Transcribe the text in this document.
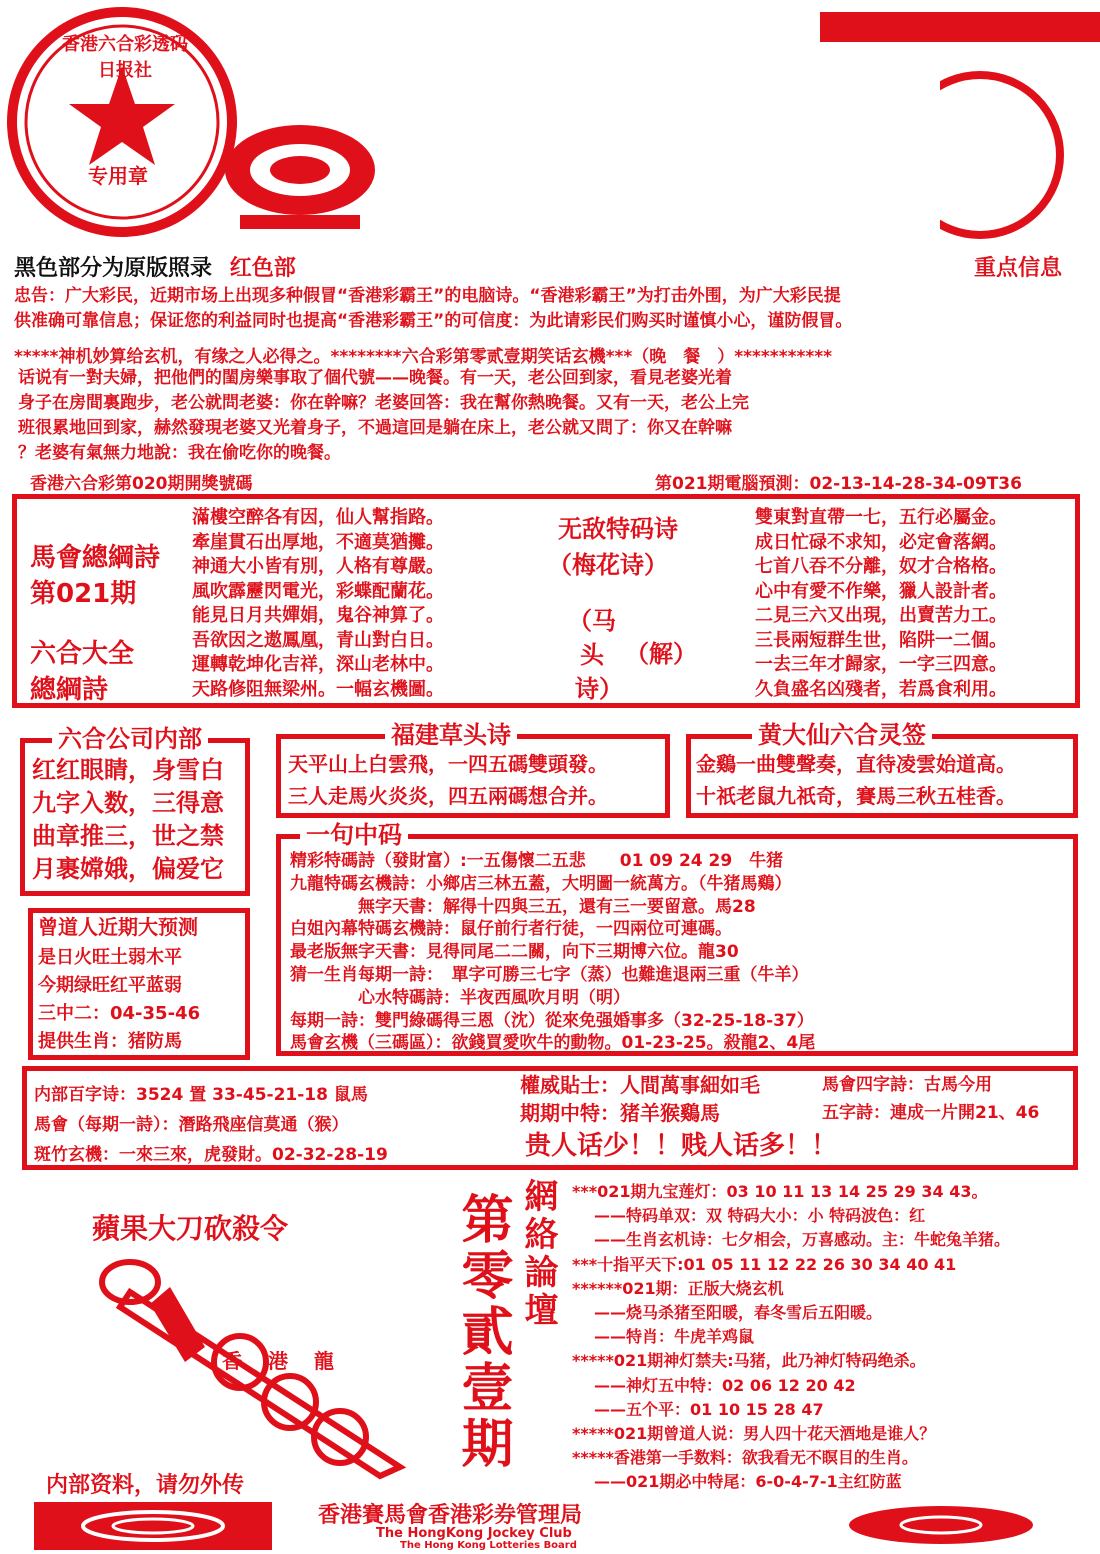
香港六合彩透码日报社
专用章
黑色部分为原版照录 红色部	重点信息
忠告：广大彩民，近期市场上出现多种假冒“香港彩霸王”的电脑诗。“香港彩霸王”为打击外围，为广大彩民提
供准确可靠信息；保证您的利益同时也提高“香港彩霸王”的可信度：为此请彩民们购买时谨慎小心，谨防假冒。
*****神机妙算给玄机，有缘之人必得之。********六合彩第零贰壹期笑话玄機***（晚　餐　）***********
话说有一對夫婦，把他們的閨房樂事取了個代號——晚餐。有一天，老公回到家，看見老婆光着
身子在房間裏跑步，老公就問老婆：你在幹嘛？老婆回答：我在幫你熱晚餐。又有一天，老公上完
班很累地回到家，赫然發現老婆又光着身子，不過這回是躺在床上，老公就又問了：你又在幹嘛
？老婆有氣無力地說：我在偷吃你的晚餐。
香港六合彩第020期開獎號碼	第021期電腦預測：02-13-14-28-34-09T36
馬會總綱詩
第021期
六合大全
總綱詩
滿樓空醉各有因，仙人幫指路。
牽崖貫石出厚地，不適莫猶攤。
神通大小皆有別，人格有尊嚴。
風吹霹靂閃電光，彩蝶配蘭花。
能見日月共嬋娟，鬼谷神算了。
吾欲因之遨鳳凰，青山對白日。
運轉乾坤化吉祥，深山老林中。
天路修阻無梁州。一幅玄機圖。
无敌特码诗
（梅花诗）
（马
头
诗）
（解）
雙東對直帶一七，五行必屬金。
成日忙碌不求知，必定會落網。
七首八吞不分離，奴才合格格。
心中有愛不作樂，獵人設計者。
二見三六又出現，出賣苦力工。
三長兩短群生世，陷阱一二個。
一去三年才歸家，一字三四意。
久負盛名凶殘者，若爲食利用。
六合公司内部
红红眼睛，身雪白
九字入数，三得意
曲章推三，世之禁
月裹嫦娥，偏爱它
福建草头诗
天平山上白雲飛，一四五碼雙頭發。
三人走馬火炎炎，四五兩碼想合并。
黄大仙六合灵签
金鷄一曲雙聲奏，直待凌雲始道高。
十祇老鼠九祇奇，賽馬三秋五桂香。
一句中码
精彩特碼詩（發財富）:一五傷懷二五悲　　01 09 24 29　牛猪
九龍特碼玄機詩：小鄉店三林五蓋，大明圖一統萬方。（牛猪馬鷄）
　　　　無字天書：解得十四與三五，還有三一要留意。馬28
白姐內幕特碼玄機詩：鼠仔前行者行徒，一四兩位可連碼。
最老版無字天書：見得同尾二二關，向下三期博六位。龍30
猜一生肖每期一詩：　單字可勝三七字（蒸）也難進退兩三重（牛羊）
　　　　心水特碼詩：半夜西風吹月明（明）
每期一詩：雙門綠碼得三恩（沈）從來免强婚事多（32-25-18-37）
馬會玄機（三碼區）：欲錢買愛吹牛的動物。01-23-25。殺龍2、4尾
曾道人近期大预测
是日火旺土弱木平
今期绿旺红平蓝弱
三中二：04-35-46
提供生肖：猪防馬
内部百字诗：3524 置 33-45-21-18 鼠馬
馬會（每期一詩）：潛路飛座信莫通（猴）
斑竹玄機：一來三來，虎發財。02-32-28-19
權威貼士：人間萬事細如毛
期期中特：猪羊猴鷄馬
馬會四字詩：古馬今用
五字詩：連成一片開21、46
贵人话少！！贱人话多！！
蘋果大刀砍殺令
香港龍
内部资料，请勿外传
第零貳壹期 網絡論壇 ***021期九宝莲灯：03 10 11 13 14 25 29 34 43。
——特码单双：双 特码大小：小 特码波色：红
——生肖玄机诗：七夕相会，万喜感动。主：牛蛇兔羊猪。
***十指平天下:01 05 11 12 22 26 30 34 40 41
******021期：正版大烧玄机
——烧马杀猪至阳暖，春冬雪后五阳暖。
——特肖：牛虎羊鸡鼠
*****021期神灯禁夫:马猪，此乃神灯特码绝杀。
——神灯五中特：02 06 12 20 42
——五个平：01 10 15 28 47
*****021期曾道人说：男人四十花天酒地是谁人？
*****香港第一手数料：欲我看无不瞑目的生肖。
——021期必中特尾：6-0-4-7-1主红防蓝
香港賽馬會香港彩券管理局
The HongKong Jockey Club
The Hong Kong Lotteries Board
